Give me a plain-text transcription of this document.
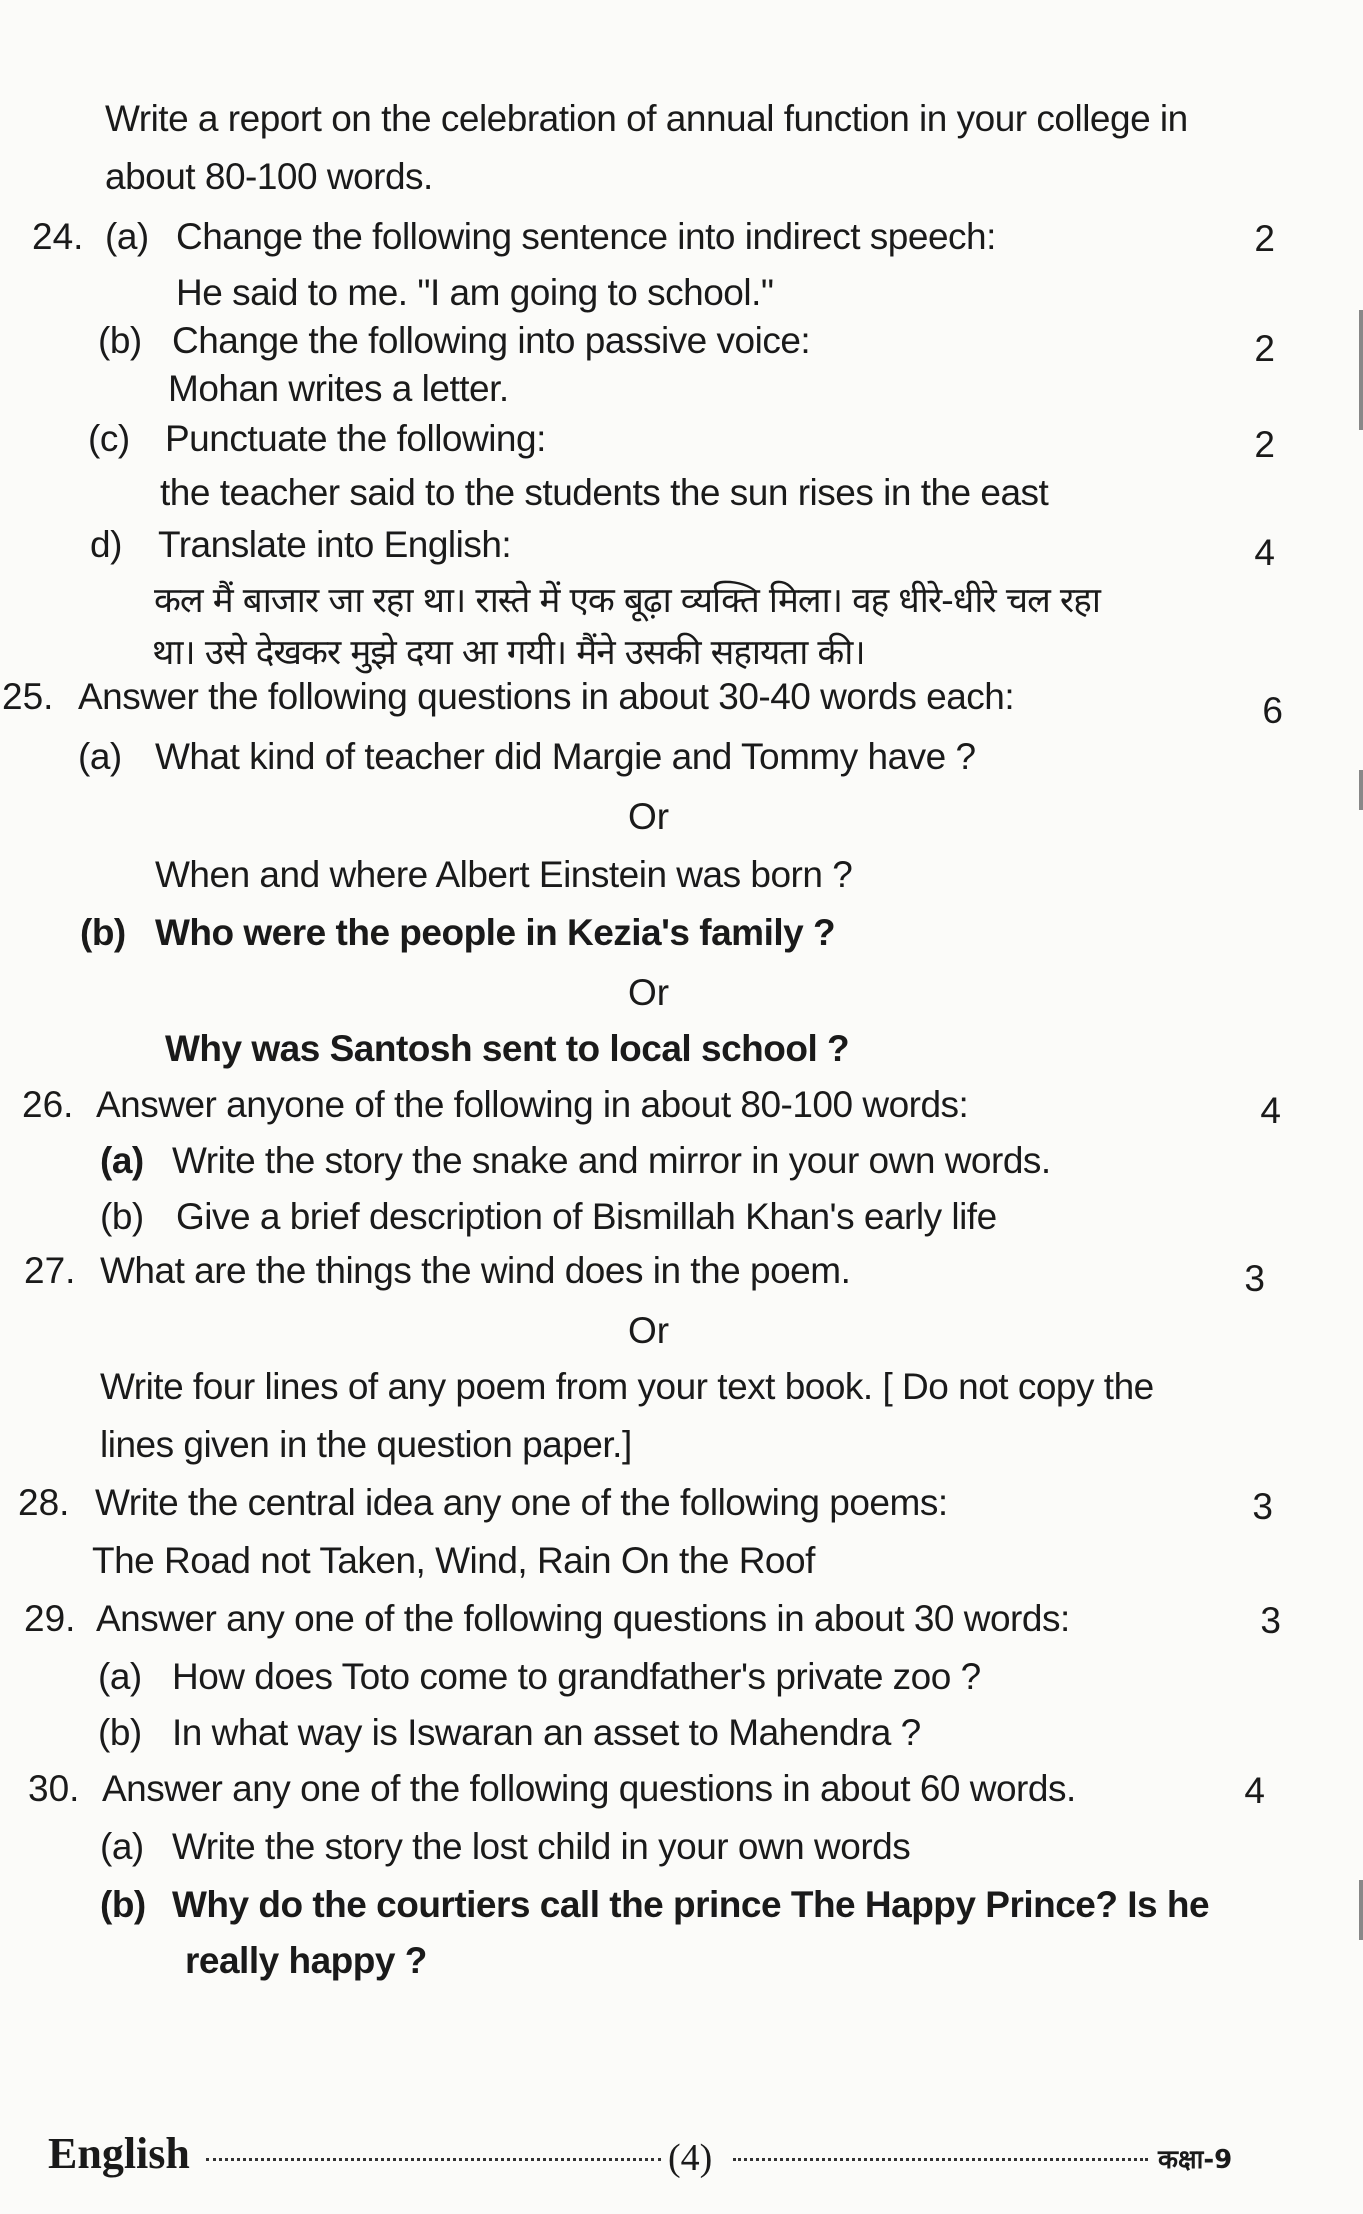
Write a report on the celebration of annual function in your college in
about 80-100 words.
24. (a) Change the following sentence into indirect speech:	2
He said to me. "I am going to school."
(b) Change the following into passive voice:	2
Mohan writes a letter.
(c) Punctuate the following:	2
the teacher said to the students the sun rises in the east
d) Translate into English:	4
कल मैं बाजार जा रहा था। रास्ते में एक बूढ़ा व्यक्ति मिला। वह धीरे-धीरे चल रहा
था। उसे देखकर मुझे दया आ गयी। मैंने उसकी सहायता की।
25. Answer the following questions in about 30-40 words each:	6
(a) What kind of teacher did Margie and Tommy have ?
Or
When and where Albert Einstein was born ?
(b) Who were the people in Kezia's family ?
Or
Why was Santosh sent to local school ?
26. Answer anyone of the following in about 80-100 words:	4
(a) Write the story the snake and mirror in your own words.
(b) Give a brief description of Bismillah Khan's early life
27. What are the things the wind does in the poem.	3
Or
Write four lines of any poem from your text book. [ Do not copy the
lines given in the question paper.]
28. Write the central idea any one of the following poems:	3
The Road not Taken, Wind, Rain On the Roof
29. Answer any one of the following questions in about 30 words:	3
(a) How does Toto come to grandfather's private zoo ?
(b) In what way is Iswaran an asset to Mahendra ?
30. Answer any one of the following questions in about 60 words.	4
(a) Write the story the lost child in your own words
(b) Why do the courtiers call the prince The Happy Prince? Is he
really happy ?
English	(4)	कक्षा-9
